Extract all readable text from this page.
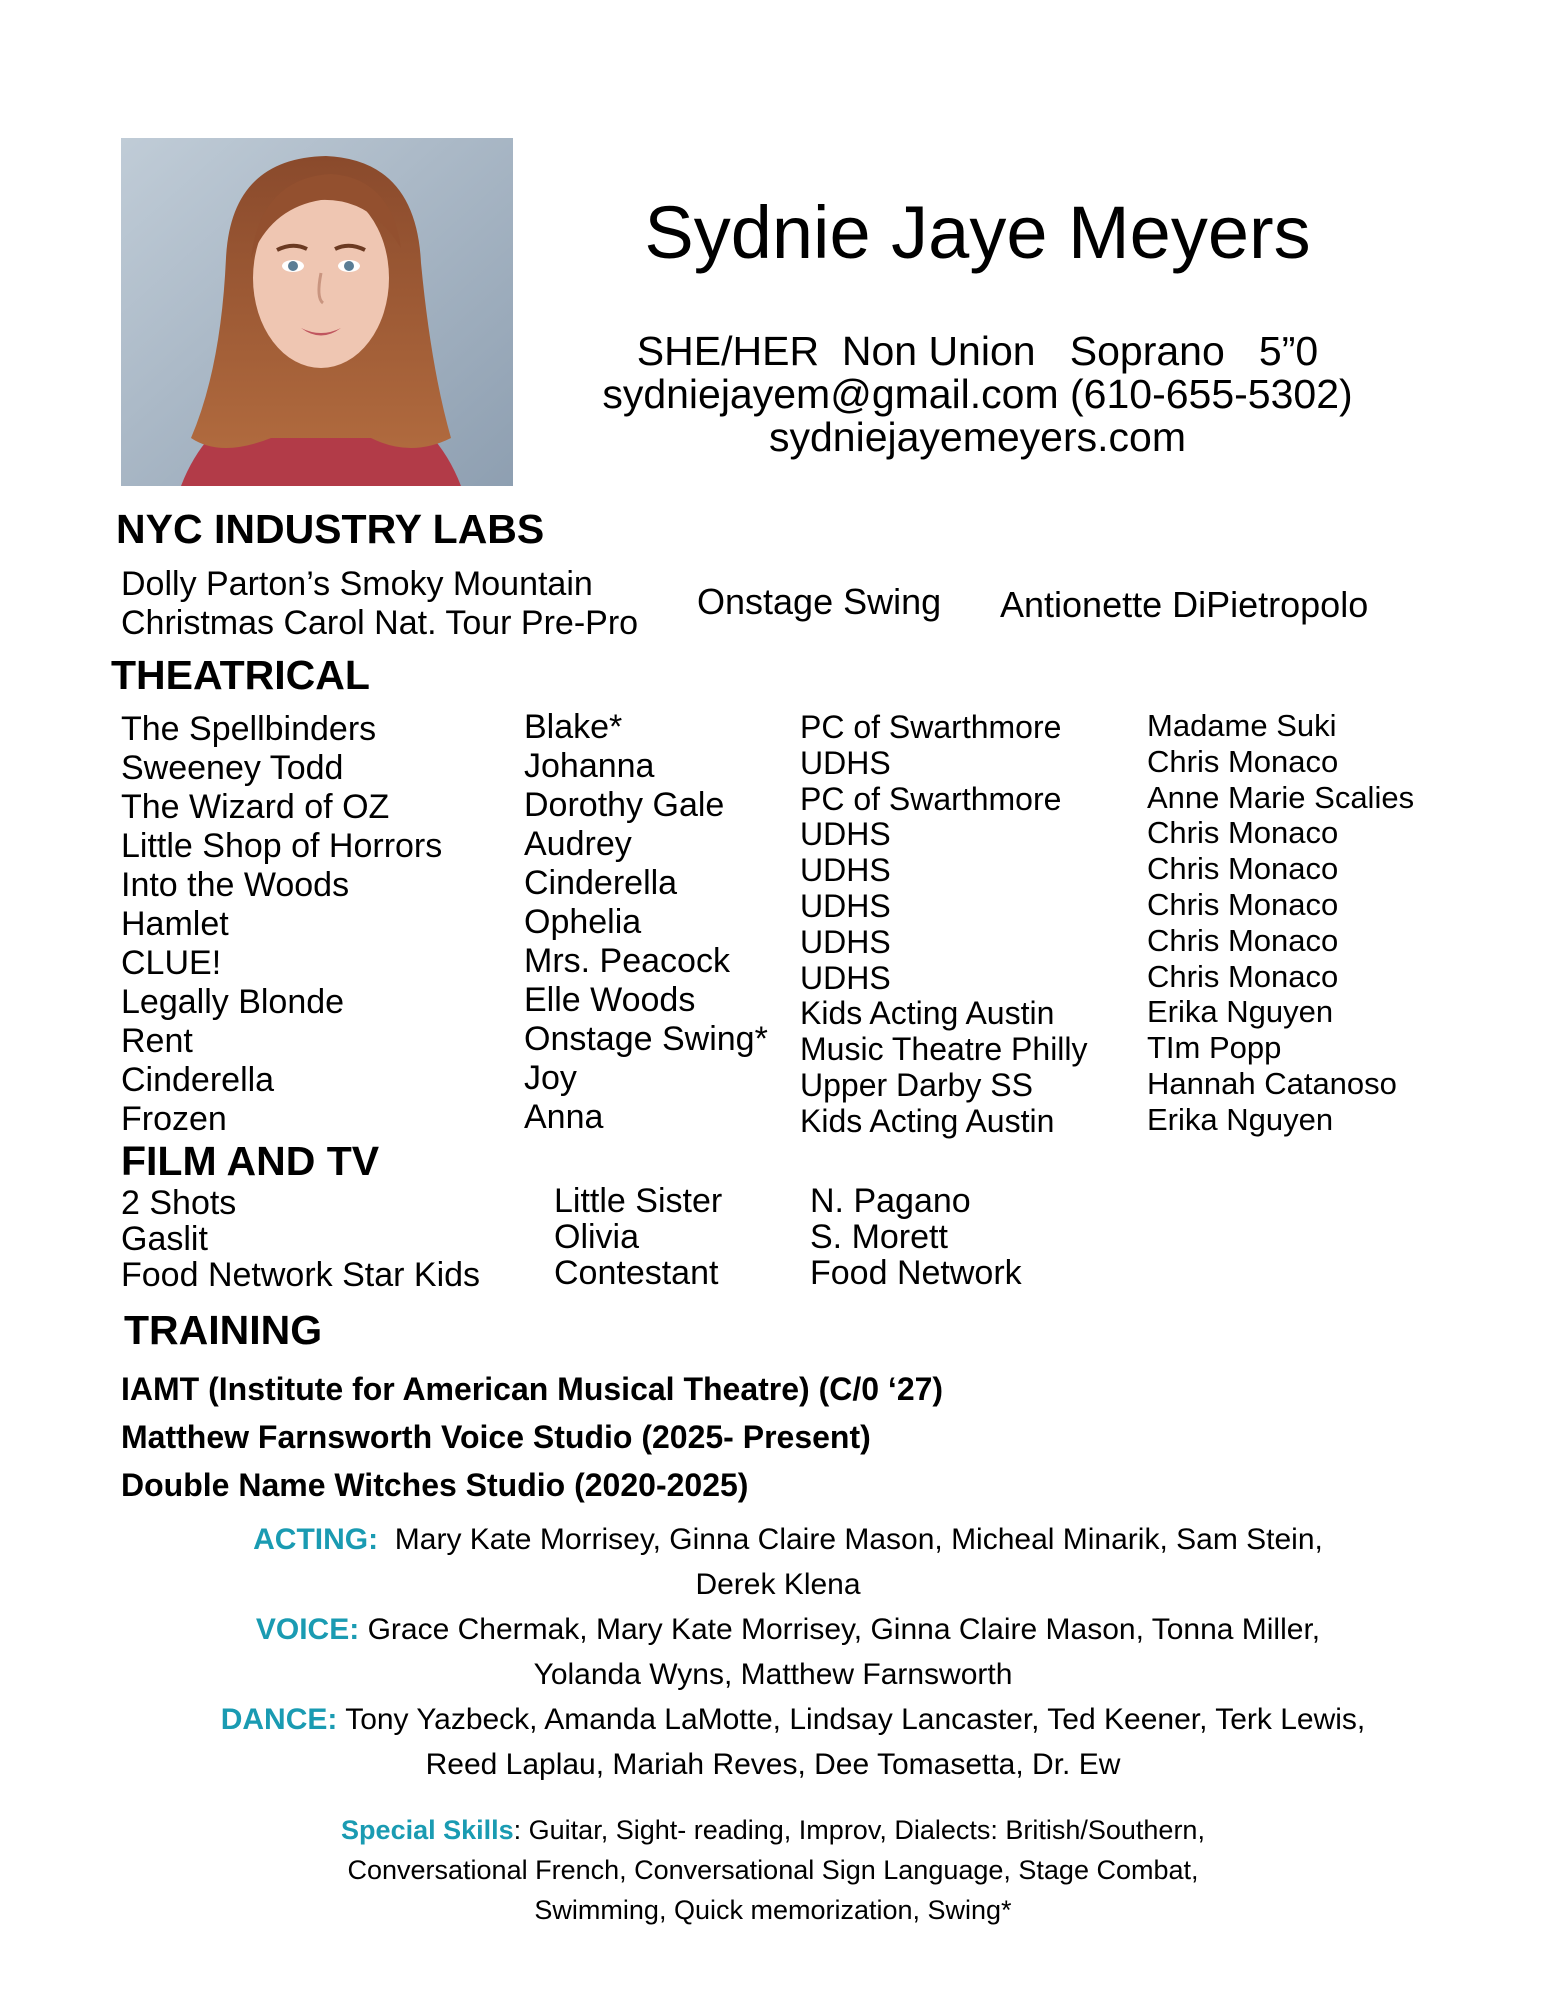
Sydnie Jaye Meyers
SHE/HER  Non Union   Soprano   5”0
sydniejayem@gmail.com (610-655-5302)
sydniejayemeyers.com
NYC INDUSTRY LABS
Dolly Parton’s Smoky Mountain
Christmas Carol Nat. Tour Pre-Pro
Onstage Swing Antionette DiPietropolo
THEATRICAL
The Spellbinders
Sweeney Todd
The Wizard of OZ
Little Shop of Horrors
Into the Woods
Hamlet
CLUE!
Legally Blonde
Rent
Cinderella
Frozen
Blake*
Johanna
Dorothy Gale
Audrey
Cinderella
Ophelia
Mrs. Peacock
Elle Woods
Onstage Swing*
Joy
Anna
PC of Swarthmore
UDHS
PC of Swarthmore
UDHS
UDHS
UDHS
UDHS
UDHS
Kids Acting Austin
Music Theatre Philly
Upper Darby SS
Kids Acting Austin
Madame Suki
Chris Monaco
Anne Marie Scalies
Chris Monaco
Chris Monaco
Chris Monaco
Chris Monaco
Chris Monaco
Erika Nguyen
TIm Popp
Hannah Catanoso
Erika Nguyen
FILM AND TV
2 Shots
Gaslit
Food Network Star Kids
Little Sister
Olivia
Contestant
N. Pagano
S. Morett
Food Network
TRAINING
IAMT (Institute for American Musical Theatre) (C/0 ‘27)
Matthew Farnsworth Voice Studio (2025- Present)
Double Name Witches Studio (2020-2025)
ACTING: Mary Kate Morrisey, Ginna Claire Mason, Micheal Minarik, Sam Stein,
Derek Klena
VOICE: Grace Chermak, Mary Kate Morrisey, Ginna Claire Mason, Tonna Miller,
Yolanda Wyns, Matthew Farnsworth
DANCE: Tony Yazbeck, Amanda LaMotte, Lindsay Lancaster, Ted Keener, Terk Lewis,
Reed Laplau, Mariah Reves, Dee Tomasetta, Dr. Ew
Special Skills: Guitar, Sight- reading, Improv, Dialects: British/Southern,
Conversational French, Conversational Sign Language, Stage Combat,
Swimming, Quick memorization, Swing*
